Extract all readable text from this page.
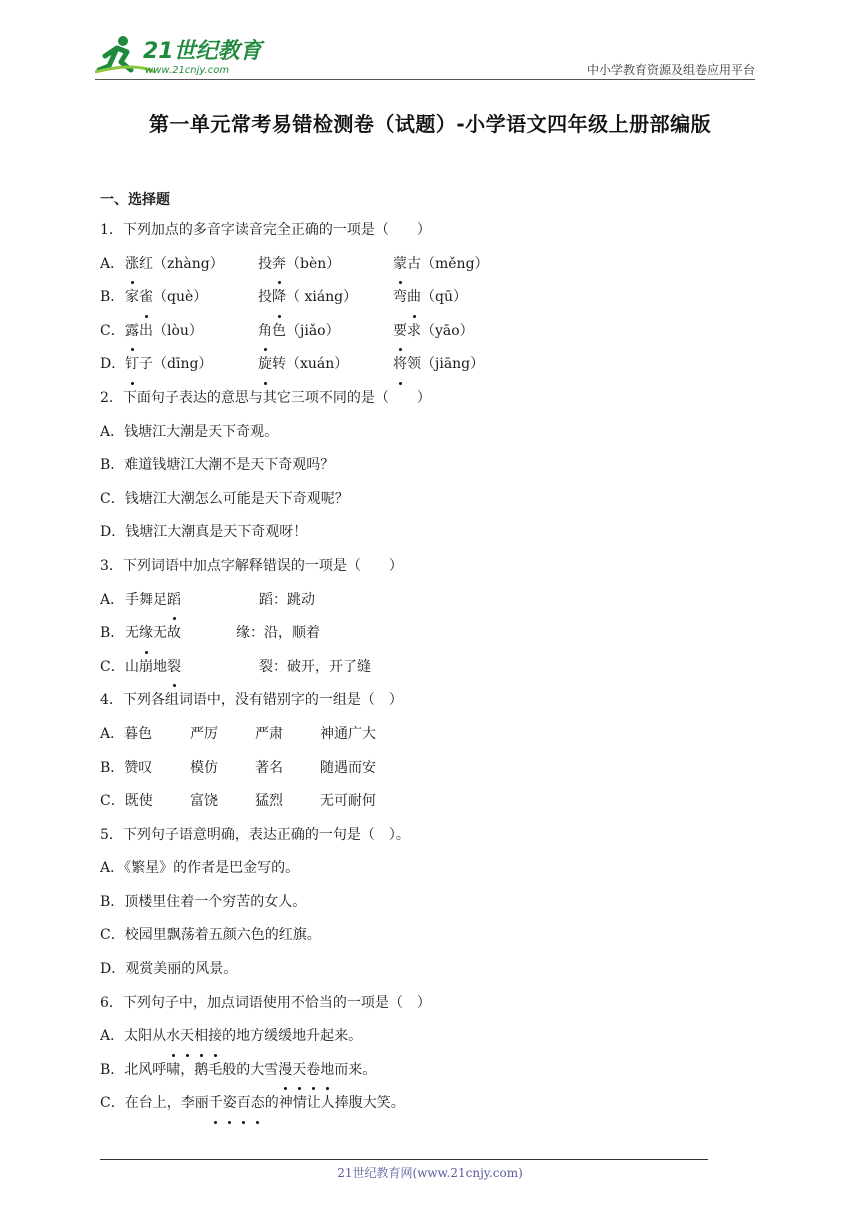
21世纪教育
www.21cnjy.com	中小学教育资源及组卷应用平台
第一单元常考易错检测卷（试题）-小学语文四年级上册部编版
一、选择题
1．下列加点的多音字读音完全正确的一项是（　　）
A．涨红（zhàng） 投奔（bèn）	蒙古（měng）
B．家雀（què）	投降（ xiáng）	弯曲（qū）
C．露出（lòu）	角色（jiǎo）	要求（yāo）
D．钉子（dīng）	旋转（xuán）	将领（jiāng）
2．下面句子表达的意思与其它三项不同的是（　　）
A．钱塘江大潮是天下奇观。
B．难道钱塘江大潮不是天下奇观吗？
C．钱塘江大潮怎么可能是天下奇观呢？
D．钱塘江大潮真是天下奇观呀！
3．下列词语中加点字解释错误的一项是（　　）
A．手舞足蹈	蹈：跳动
B．无缘无故	缘：沿，顺着
C．山崩地裂	裂：破开，开了缝
4．下列各组词语中，没有错别字的一组是（　）
A．暮色	严厉	严肃	神通广大
B．赞叹	模仿	著名	随遇而安
C．既使	富饶	猛烈	无可耐何
5．下列句子语意明确，表达正确的一句是（　）。
A．《繁星》的作者是巴金写的。
B．顶楼里住着一个穷苦的女人。
C．校园里飘荡着五颜六色的红旗。
D．观赏美丽的风景。
6．下列句子中，加点词语使用不恰当的一项是（　）
A．太阳从水天相接的地方缓缓地升起来。
B．北风呼啸，鹅毛般的大雪漫天卷地而来。
C．在台上，李丽千姿百态的神情让人捧腹大笑。
21世纪教育网(www.21cnjy.com)
